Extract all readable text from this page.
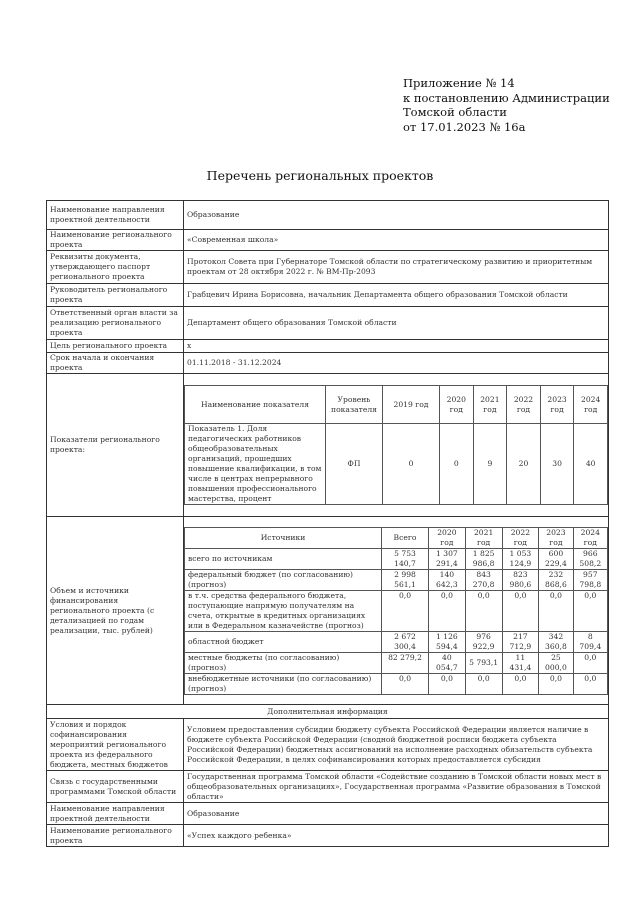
Приложение № 14
к постановлению Администрации
Томской области
от 17.01.2023 № 16а
Перечень региональных проектов
Наименование направления проектной деятельности	Образование
Наименование регионального проекта	«Современная школа»
Реквизиты документа, утверждающего паспорт регионального проекта	Протокол Совета при Губернаторе Томской области по стратегическому развитию и приоритетным проектам от 28 октября 2022 г. № ВМ-Пр-2093
Руководитель регионального проекта	Грабцевич Ирина Борисовна, начальник Департамента общего образования Томской области
Ответственный орган власти за реализацию регионального проекта	Департамент общего образования Томской области
Цель регионального проекта	х
Срок начала и окончания проекта	01.11.2018 - 31.12.2024
Показатели регионального проекта:	
Наименование показателя	Уровень показателя	2019 год	2020 год	2021 год	2022 год	2023 год	2024 год
Показатель 1. Доля педагогических работников общеобразовательных организаций, прошедших повышение квалификации, в том числе в центрах непрерывного повышения профессионального мастерства, процент	ФП	0	0	9	20	30	40

Объем и источники финансирования регионального проекта (с детализацией по годам реализации, тыс. рублей)	
Источники	Всего	2020 год	2021 год	2022 год	2023 год	2024 год
всего по источникам	5 753 140,7	1 307 291,4	1 825 986,8	1 053 124,9	600 229,4	966 508,2
федеральный бюджет (по согласованию) (прогноз)	2 998 561,1	140 642,3	843 270,8	823 980,6	232 868,6	957 798,8
в т.ч. средства федерального бюджета, поступающие напрямую получателям на счета, открытые в кредитных организациях или в Федеральном казначействе (прогноз)	0,0	0,0	0,0	0,0	0,0	0,0
областной бюджет	2 672 300,4	1 126 594,4	976 922,9	217 712,9	342 360,8	8 709,4
местные бюджеты (по согласованию) (прогноз)	82 279,2	40 054,7	5 793,1	11 431,4	25 000,0	0,0
внебюджетные источники (по согласованию) (прогноз)	0,0	0,0	0,0	0,0	0,0	0,0

Дополнительная информация
Условия и порядок софинансирования мероприятий регионального проекта из федерального бюджета, местных бюджетов	Условием предоставления субсидии бюджету субъекта Российской Федерации является наличие в бюджете субъекта Российской Федерации (сводной бюджетной росписи бюджета субъекта Российской Федерации) бюджетных ассигнований на исполнение расходных обязательств субъекта Российской Федерации, в целях софинансирования которых предоставляется субсидия
Связь с государственными программами Томской области	Государственная программа Томской области «Содействие созданию в Томской области новых мест в общеобразовательных организациях», Государственная программа «Развитие образования в Томской области»
Наименование направления проектной деятельности	Образование
Наименование регионального проекта	«Успех каждого ребенка»
